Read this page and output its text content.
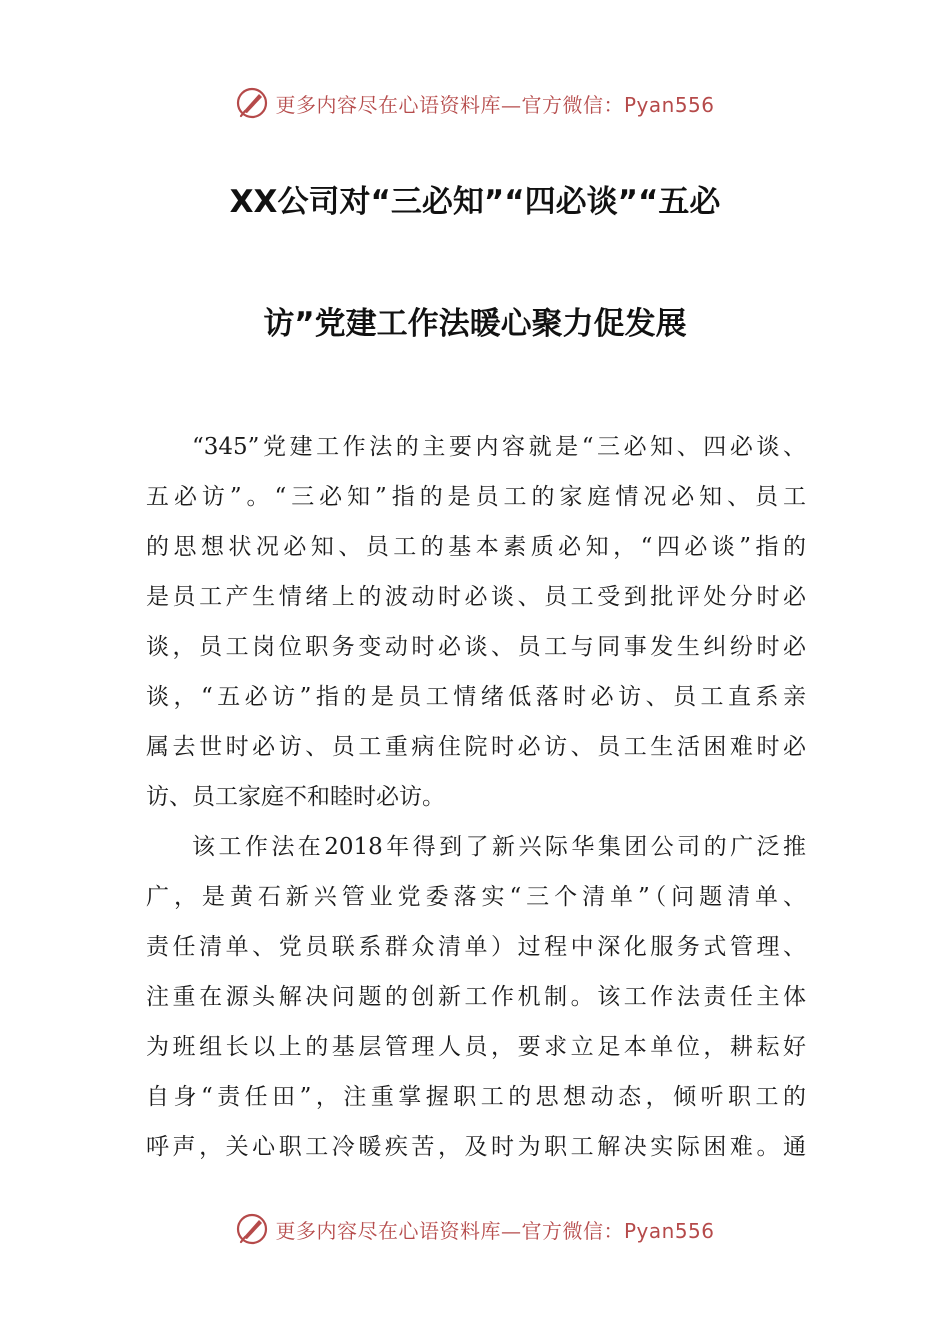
更多内容尽在心语资料库—官方微信：Pyan556
XX公司对“三必知”“四必谈”“五必
访”党建工作法暖心聚力促发展
“345”党建工作法的主要内容就是“三必知、四必谈、
五必访”。“三必知”指的是员工的家庭情况必知、员工
的思想状况必知、员工的基本素质必知，“四必谈”指的
是员工产生情绪上的波动时必谈、员工受到批评处分时必
谈，员工岗位职务变动时必谈、员工与同事发生纠纷时必
谈，“五必访”指的是员工情绪低落时必访、员工直系亲
属去世时必访、员工重病住院时必访、员工生活困难时必
访、员工家庭不和睦时必访。
该工作法在2018年得到了新兴际华集团公司的广泛推
广，是黄石新兴管业党委落实“三个清单”（问题清单、
责任清单、党员联系群众清单）过程中深化服务式管理、
注重在源头解决问题的创新工作机制。该工作法责任主体
为班组长以上的基层管理人员，要求立足本单位，耕耘好
自身“责任田”，注重掌握职工的思想动态，倾听职工的
呼声，关心职工冷暖疾苦，及时为职工解决实际困难。通
更多内容尽在心语资料库—官方微信：Pyan556
